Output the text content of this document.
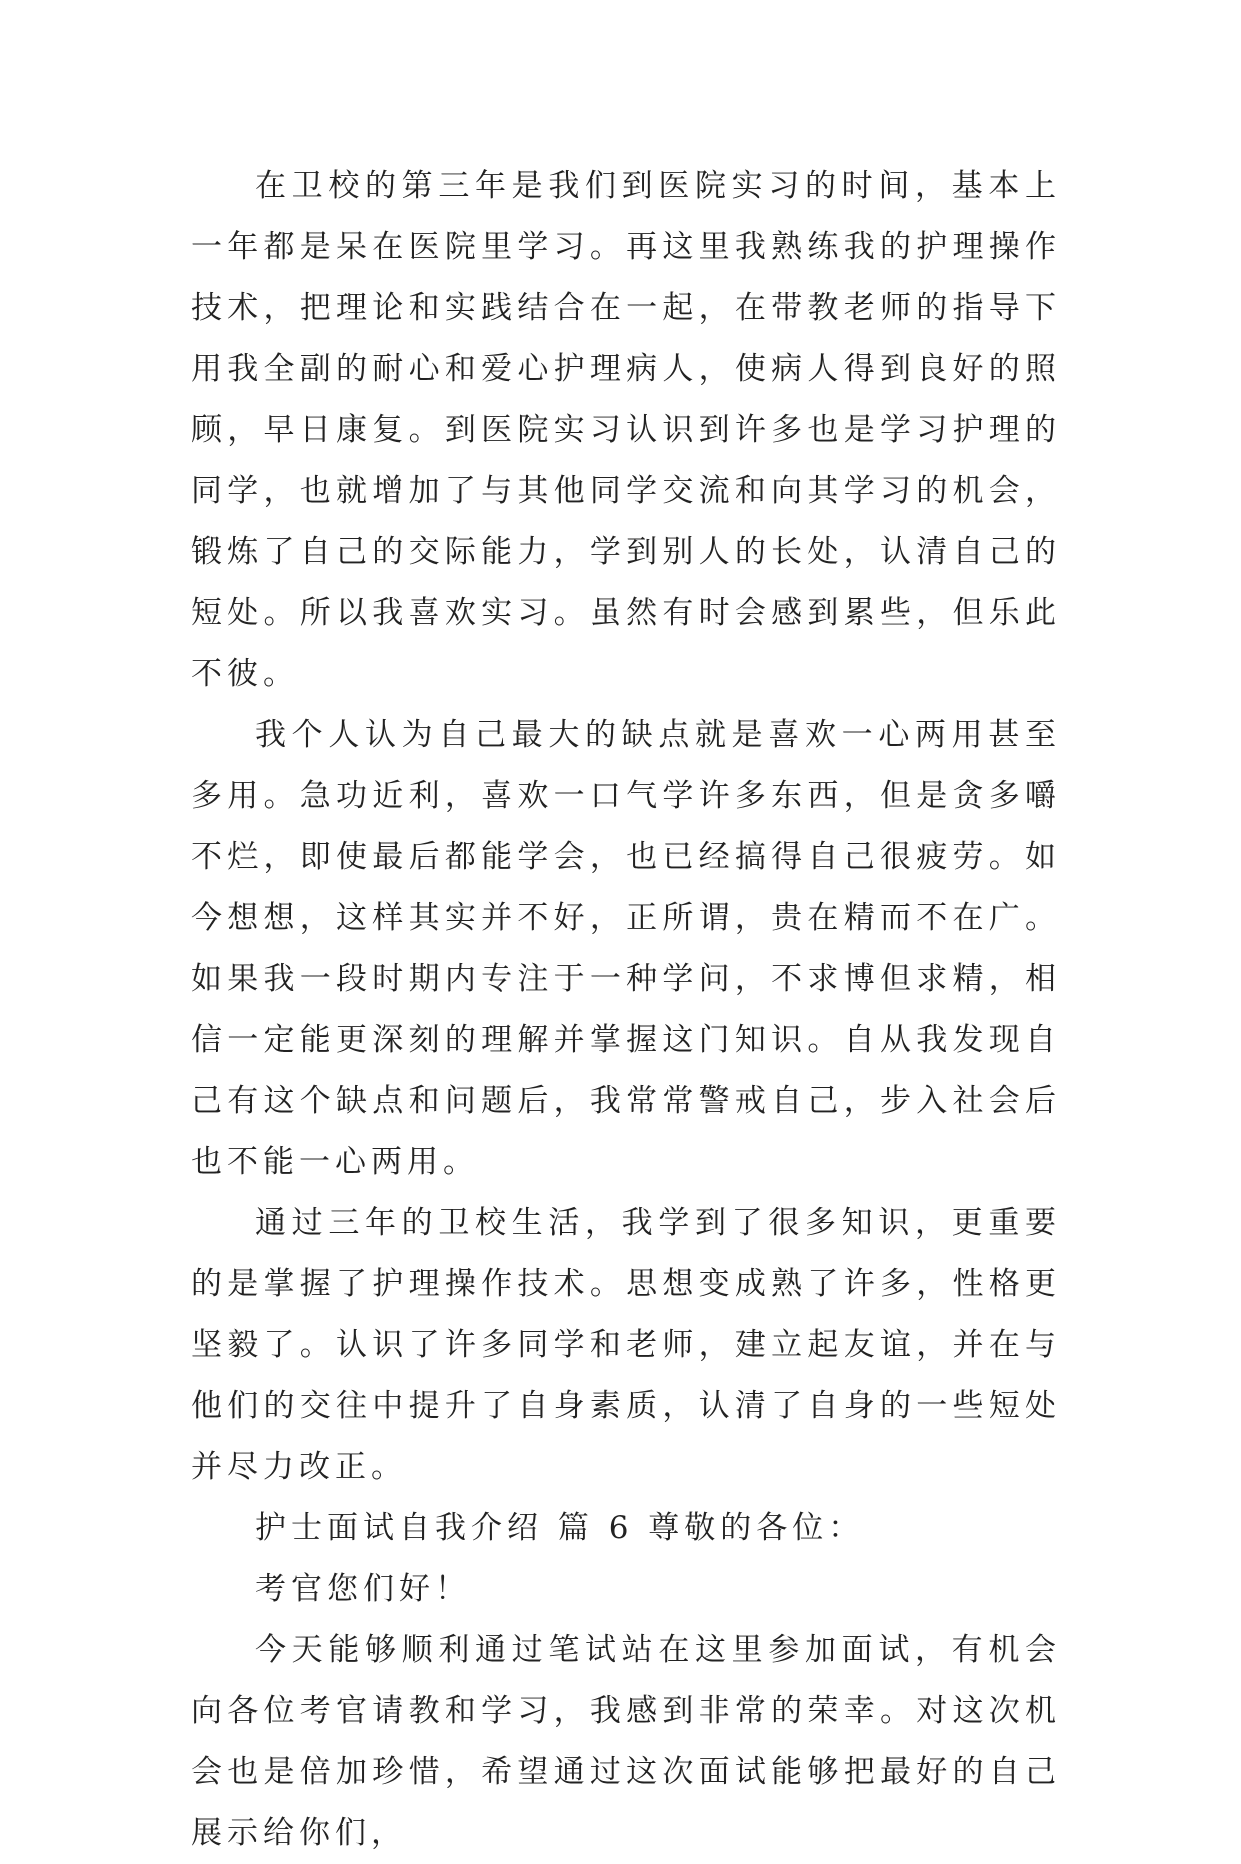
在卫校的第三年是我们到医院实习的时间，基本上一年都是呆在医院里学习。再这里我熟练我的护理操作技术，把理论和实践结合在一起，在带教老师的指导下用我全副的耐心和爱心护理病人，使病人得到良好的照顾，早日康复。到医院实习认识到许多也是学习护理的同学，也就增加了与其他同学交流和向其学习的机会，锻炼了自己的交际能力，学到别人的长处，认清自己的短处。所以我喜欢实习。虽然有时会感到累些，但乐此不彼。

我个人认为自己最大的缺点就是喜欢一心两用甚至多用。急功近利，喜欢一口气学许多东西，但是贪多嚼不烂，即使最后都能学会，也已经搞得自己很疲劳。如今想想，这样其实并不好，正所谓，贵在精而不在广。如果我一段时期内专注于一种学问，不求博但求精，相信一定能更深刻的理解并掌握这门知识。自从我发现自己有这个缺点和问题后，我常常警戒自己，步入社会后也不能一心两用。

通过三年的卫校生活，我学到了很多知识，更重要的是掌握了护理操作技术。思想变成熟了许多，性格更坚毅了。认识了许多同学和老师，建立起友谊，并在与他们的交往中提升了自身素质，认清了自身的一些短处并尽力改正。

护士面试自我介绍 篇 6 尊敬的各位：

考官您们好！

今天能够顺利通过笔试站在这里参加面试，有机会向各位考官请教和学习，我感到非常的荣幸。对这次机会也是倍加珍惜，希望通过这次面试能够把最好的自己展示给你们，
